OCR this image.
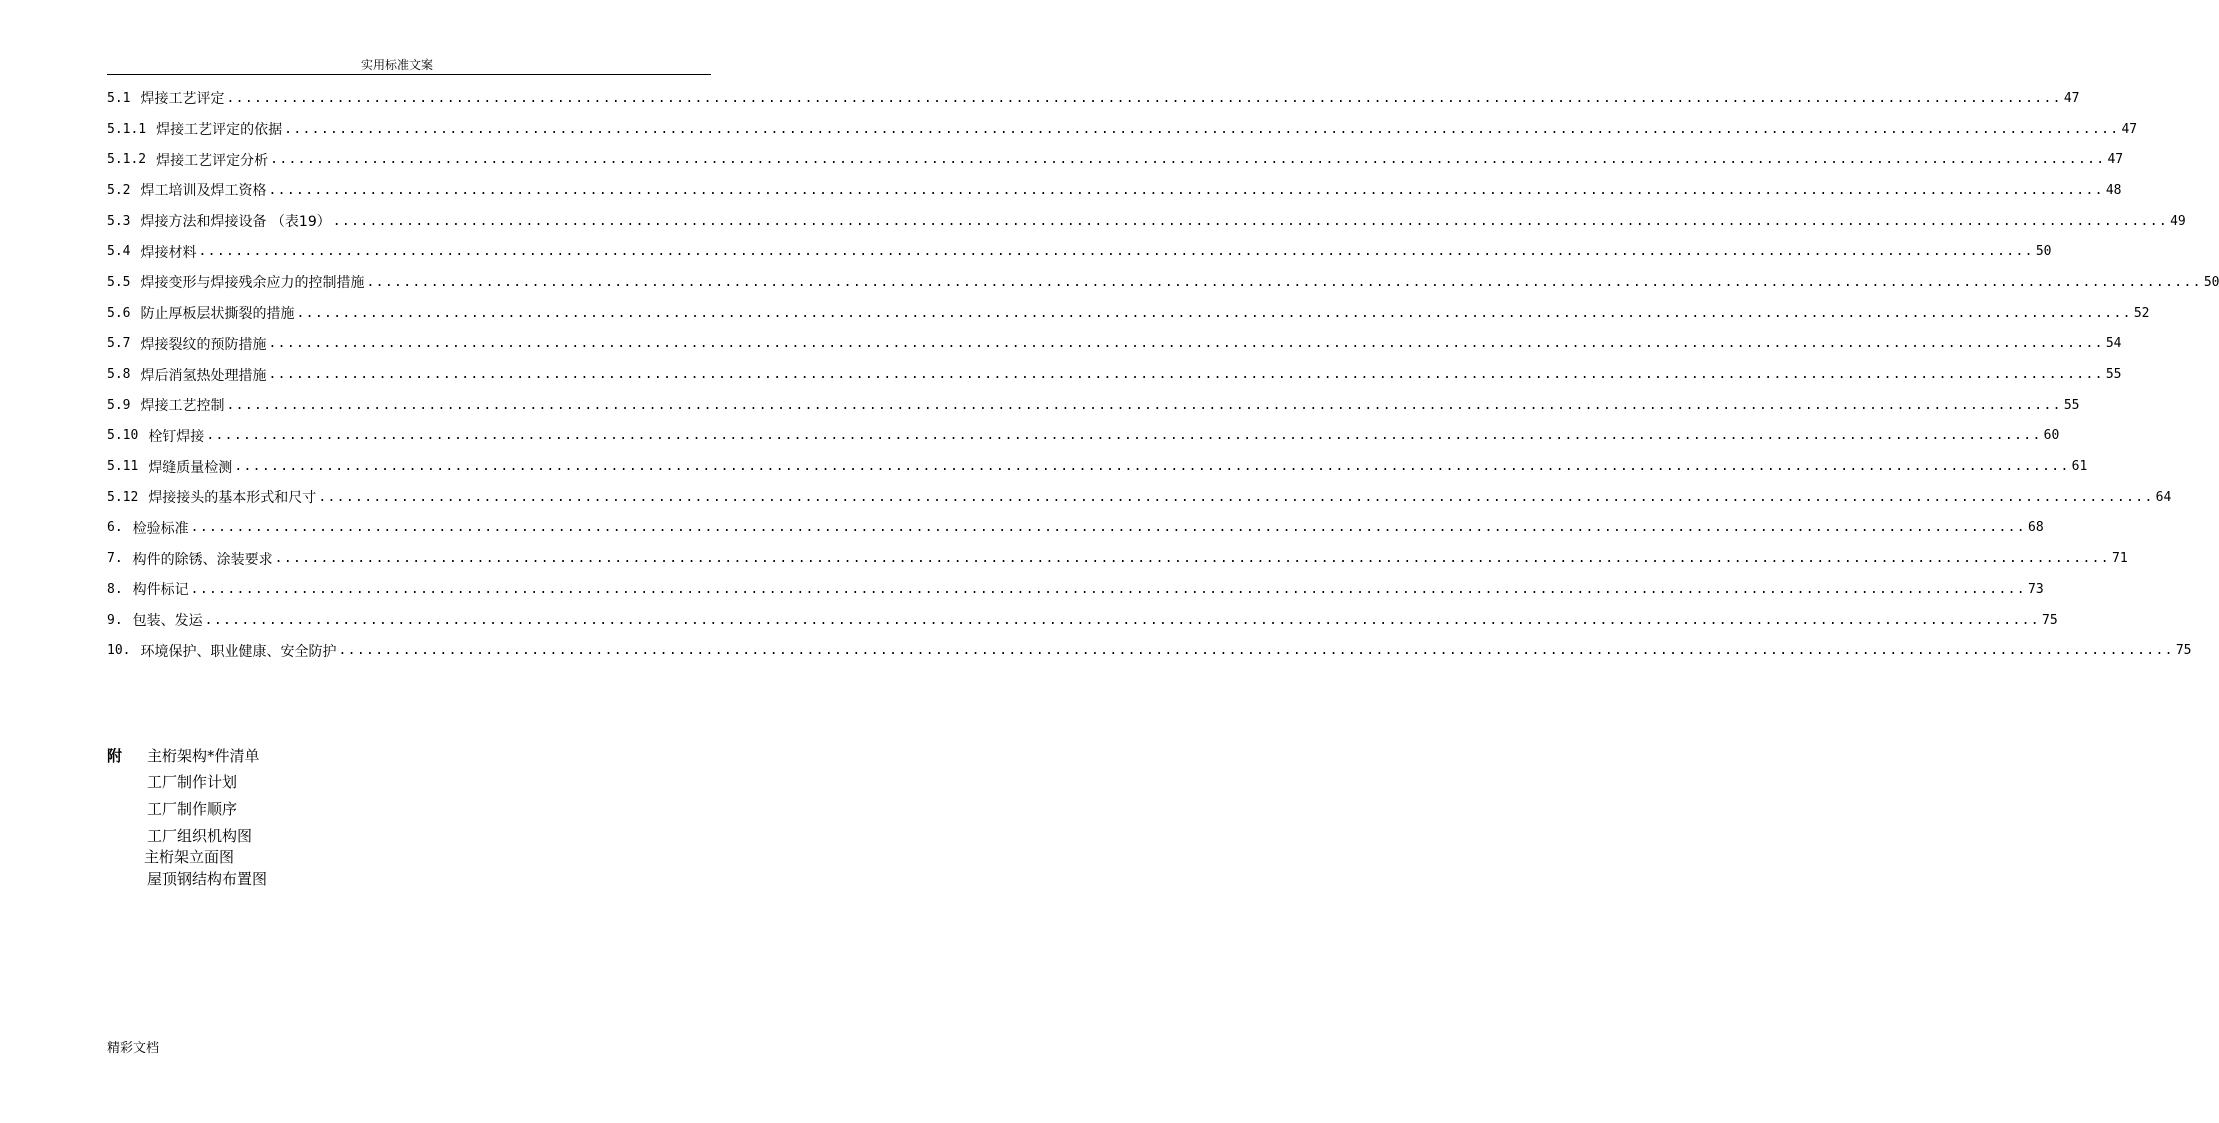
实用标准文案
5.1 焊接工艺评定 ........................................................................................................................................................................................................ 47
5.1.1 焊接工艺评定的依据 ........................................................................................................................................................................................................ 47
5.1.2 焊接工艺评定分析 ........................................................................................................................................................................................................ 47
5.2 焊工培训及焊工资格 ........................................................................................................................................................................................................ 48
5.3 焊接方法和焊接设备 （表19） ........................................................................................................................................................................................................ 49
5.4 焊接材料 ........................................................................................................................................................................................................ 50
5.5 焊接变形与焊接残余应力的控制措施 ........................................................................................................................................................................................................ 50
5.6 防止厚板层状撕裂的措施 ........................................................................................................................................................................................................ 52
5.7 焊接裂纹的预防措施 ........................................................................................................................................................................................................ 54
5.8 焊后消氢热处理措施 ........................................................................................................................................................................................................ 55
5.9 焊接工艺控制 ........................................................................................................................................................................................................ 55
5.10 栓钉焊接 ........................................................................................................................................................................................................ 60
5.11 焊缝质量检测 ........................................................................................................................................................................................................ 61
5.12 焊接接头的基本形式和尺寸 ........................................................................................................................................................................................................ 64
6. 检验标准 ........................................................................................................................................................................................................ 68
7. 构件的除锈、涂装要求 ........................................................................................................................................................................................................ 71
8. 构件标记 ........................................................................................................................................................................................................ 73
9. 包装、发运 ........................................................................................................................................................................................................ 75
10. 环境保护、职业健康、安全防护 ........................................................................................................................................................................................................ 75
附 主桁架构*件清单
工厂制作计划
工厂制作顺序
工厂组织机构图
主桁架立面图
屋顶钢结构布置图
精彩文档
